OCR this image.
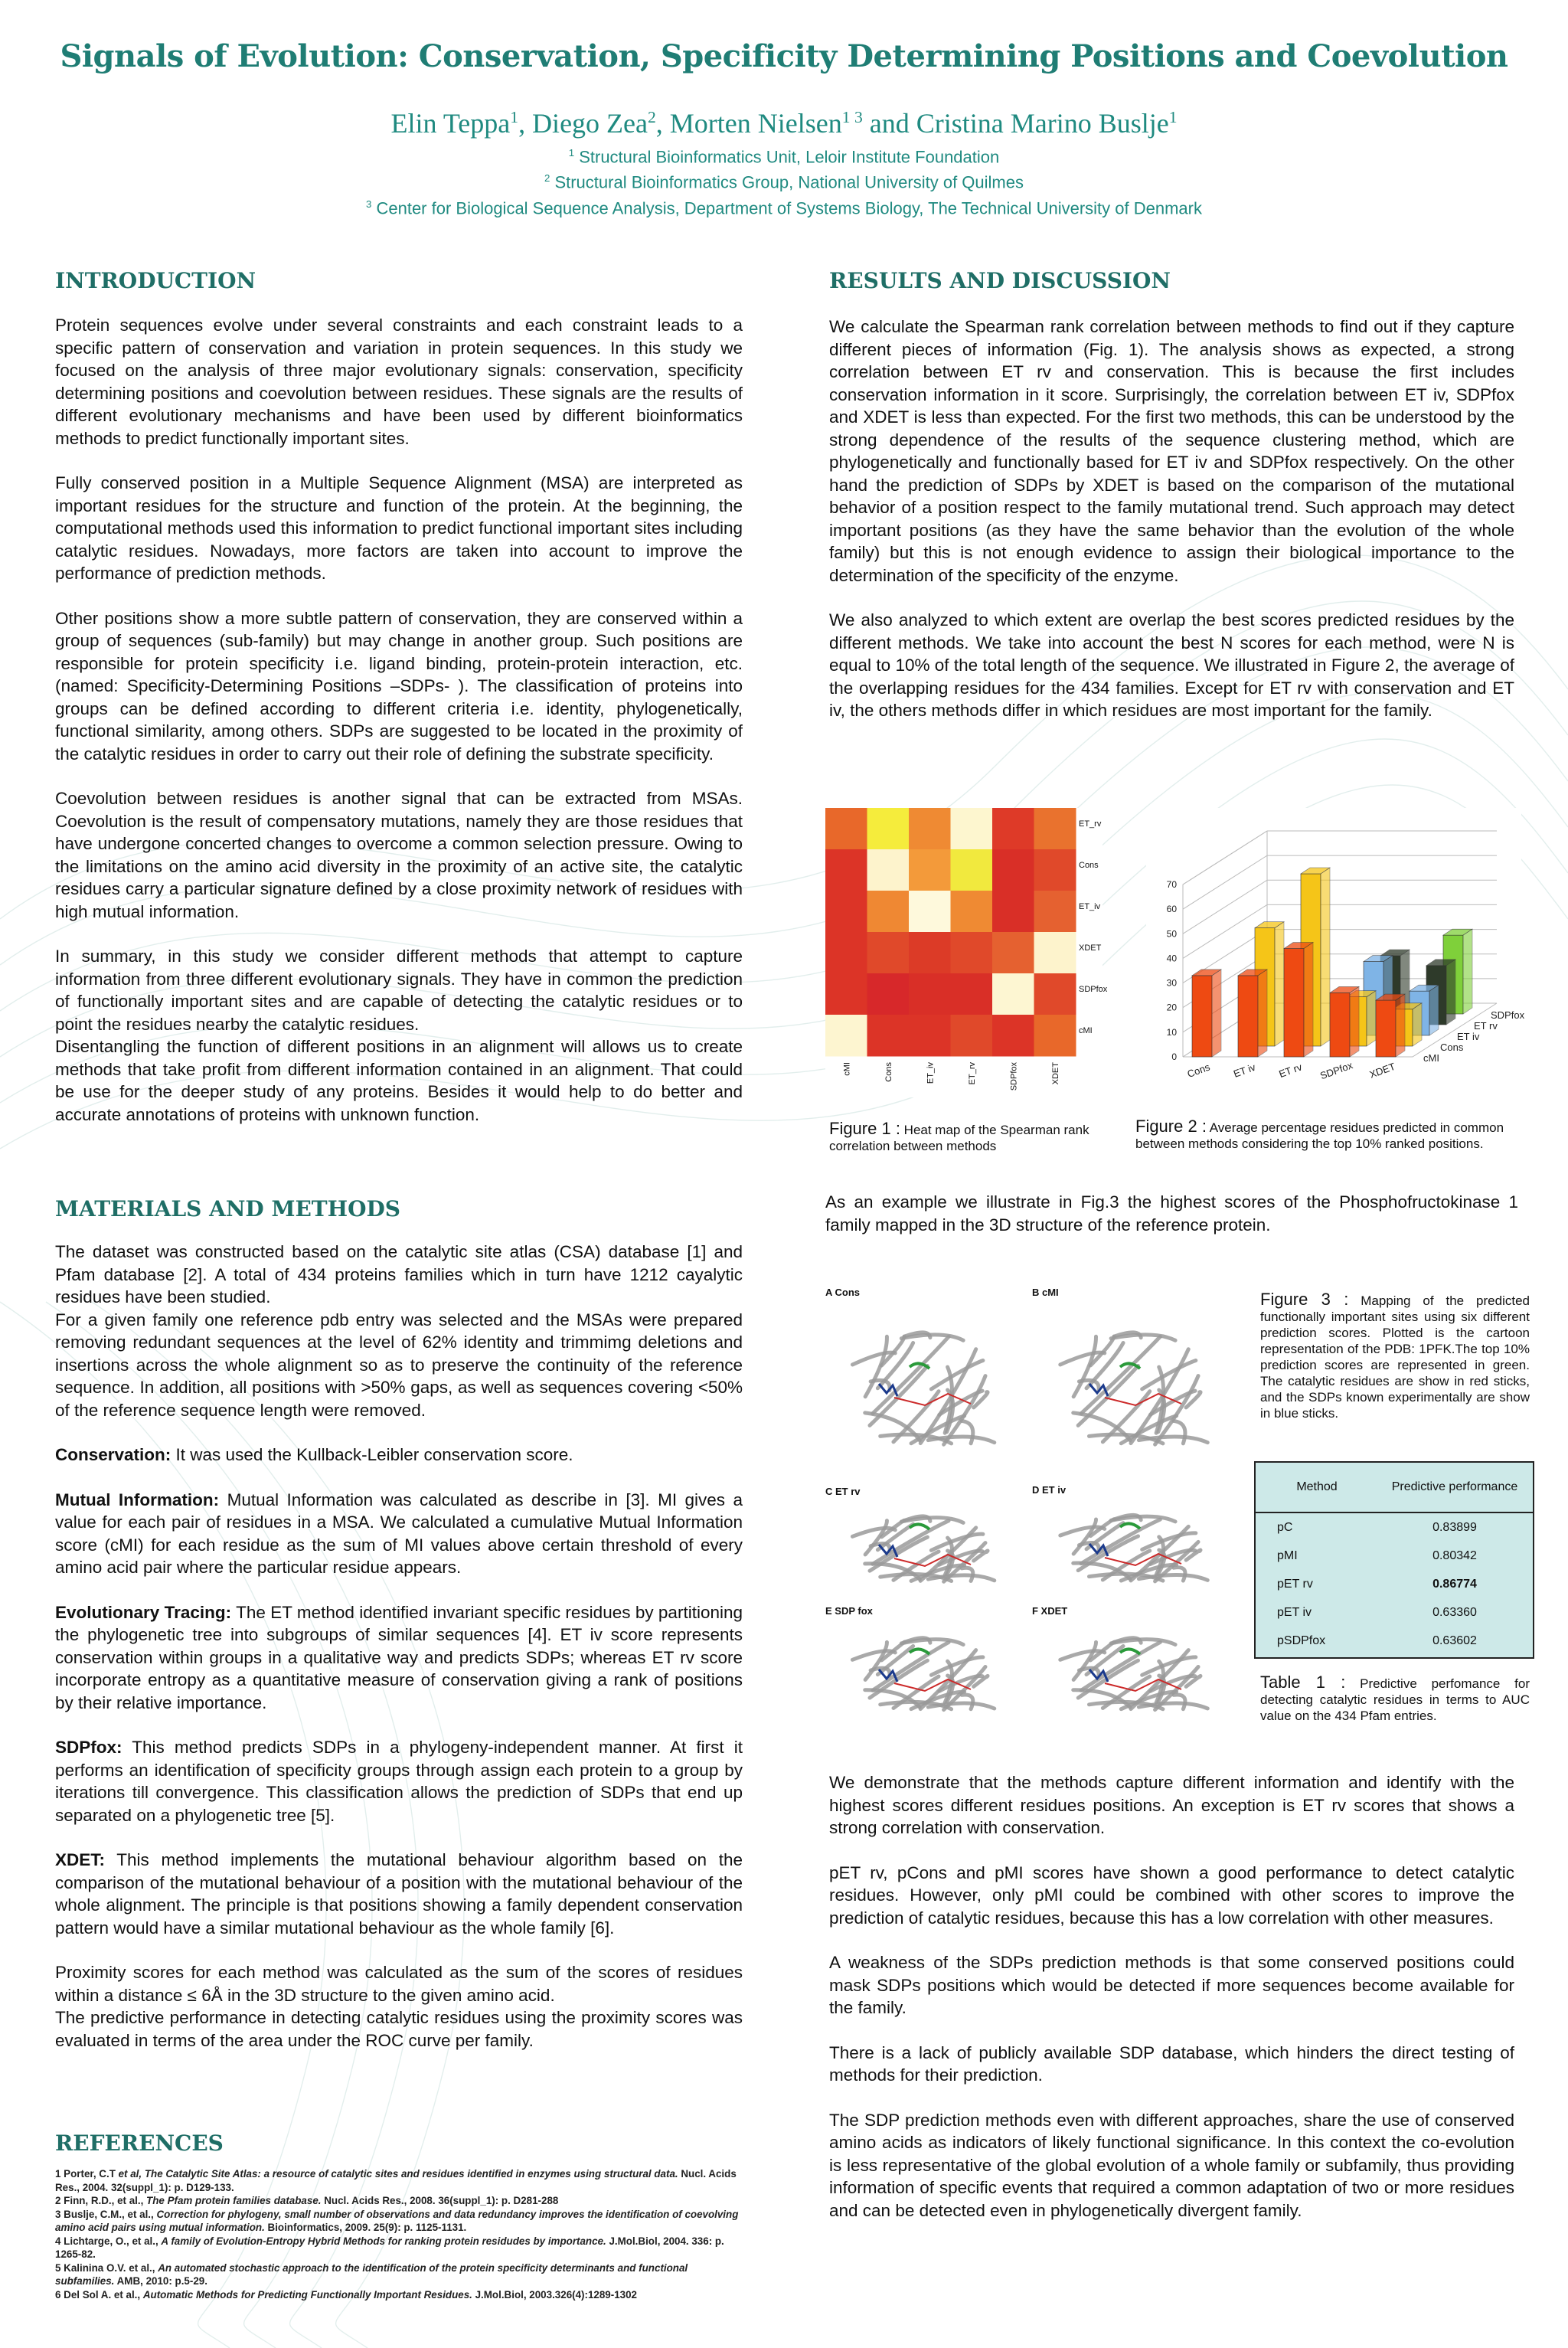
Signals of Evolution: Conservation, Specificity Determining Positions and Coevolution
Elin Teppa$^1$, Diego Zea$^2$, Morten Nielsen$^{1 3}$ and Cristina Marino Buslje$^1$
$^1$ Structural Bioinformatics Unit, Leloir Institute Foundation
$^2$ Structural Bioinformatics Group, National University of Quilmes
$^3$ Center for Biological Sequence Analysis, Department of Systems Biology, The Technical University of Denmark
INTRODUCTION

Protein sequences evolve under several constraints and each constraint leads to a specific pattern of conservation and variation in protein sequences. In this study we focused on the analysis of three major evolutionary signals: conservation, specificity determining positions and coevolution between residues. These signals are the results of different evolutionary mechanisms and have been used by different bioinformatics methods to predict functionally important sites.

Fully conserved position in a Multiple Sequence Alignment (MSA) are interpreted as important residues for the structure and function of the protein. At the beginning, the computational methods used this information to predict functional important sites including catalytic residues. Nowadays, more factors are taken into account to improve the performance of prediction methods.

Other positions show a more subtle pattern of conservation, they are conserved within a group of sequences (sub-family) but may change in another group. Such positions are responsible for protein specificity i.e. ligand binding, protein-protein interaction, etc. (named: Specificity-Determining Positions –SDPs- ). The classification of proteins into groups can be defined according to different criteria i.e. identity, phylogenetically, functional similarity, among others. SDPs are suggested to be located in the proximity of the catalytic residues in order to carry out their role of defining the substrate specificity.

Coevolution between residues is another signal that can be extracted from MSAs. Coevolution is the result of compensatory mutations, namely they are those residues that have undergone concerted changes to overcome a common selection pressure. Owing to the limitations on the amino acid diversity in the proximity of an active site, the catalytic residues carry a particular signature defined by a close proximity network of residues with high mutual information.

In summary, in this study we consider different methods that attempt to capture information from three different evolutionary signals. They have in common the prediction of functionally important sites and are capable of detecting the catalytic residues or to point the residues nearby the catalytic residues.

Disentangling the function of different positions in an alignment will allows us to create methods that take profit from different information contained in an alignment. That could be use for the deeper study of any proteins. Besides it would help to do better and accurate annotations of proteins with unknown function.

MATERIALS AND METHODS

The dataset was constructed based on the catalytic site atlas (CSA) database [1] and Pfam database [2]. A total of 434 proteins families which in turn have 1212 cayalytic residues have been studied.

For a given family one reference pdb entry was selected and the MSAs were prepared removing redundant sequences at the level of 62% identity and trimmimg deletions and insertions across the whole alignment so as to preserve the continuity of the reference sequence. In addition, all positions with >50% gaps, as well as sequences covering <50% of the reference sequence length were removed.

Conservation: It was used the Kullback-Leibler conservation score.

Mutual Information: Mutual Information was calculated as describe in [3]. MI gives a value for each pair of residues in a MSA. We calculated a cumulative Mutual Information score (cMI) for each residue as the sum of MI values above certain threshold of every amino acid pair where the particular residue appears.

Evolutionary Tracing: The ET method identified invariant specific residues by partitioning the phylogenetic tree into subgroups of similar sequences [4]. ET iv score represents conservation within groups in a qualitative way and predicts SDPs; whereas ET rv score incorporate entropy as a quantitative measure of conservation giving a rank of positions by their relative importance.

SDPfox: This method predicts SDPs in a phylogeny-independent manner. At first it performs an identification of specificity groups through assign each protein to a group by iterations till convergence. This classification allows the prediction of SDPs that end up separated on a phylogenetic tree [5].

XDET: This method implements the mutational behaviour algorithm based on the comparison of the mutational behaviour of a position with the mutational behaviour of the whole alignment. The principle is that positions showing a family dependent conservation pattern would have a similar mutational behaviour as the whole family [6].

Proximity scores for each method was calculated as the sum of the scores of residues within a distance ≤ 6Å in the 3D structure to the given amino acid.

The predictive performance in detecting catalytic residues using the proximity scores was evaluated in terms of the area under the ROC curve per family.

REFERENCES
1 Porter, C.T et al, The Catalytic Site Atlas: a resource of catalytic sites and residues identified in enzymes using structural data. Nucl. Acids Res., 2004. 32(suppl_1): p. D129-133.
2 Finn, R.D., et al., The Pfam protein families database. Nucl. Acids Res., 2008. 36(suppl_1): p. D281-288
3 Buslje, C.M., et al., Correction for phylogeny, small number of observations and data redundancy improves the identification of coevolving amino acid pairs using mutual information. Bioinformatics, 2009. 25(9): p. 1125-1131.
4 Lichtarge, O., et al., A family of Evolution-Entropy Hybrid Methods for ranking protein residudes by importance. J.Mol.Biol, 2004. 336: p. 1265-82.
5 Kalinina O.V. et al., An automated stochastic approach to the identification of the protein specificity determinants and functional subfamilies. AMB, 2010: p.5-29.
6 Del Sol A. et al., Automatic Methods for Predicting Functionally Important Residues. J.Mol.Biol, 2003.326(4):1289-1302
RESULTS AND DISCUSSION

We calculate the Spearman rank correlation between methods to find out if they capture different pieces of information (Fig. 1). The analysis shows as expected, a strong correlation between ET rv and conservation. This is because the first includes conservation information in it score. Surprisingly, the correlation between ET iv, SDPfox and XDET is less than expected. For the first two methods, this can be understood by the strong dependence of the results of the sequence clustering method, which are phylogenetically and functionally based for ET iv and SDPfox respectively. On the other hand the prediction of SDPs by XDET is based on the comparison of the mutational behavior of a position respect to the family mutational trend. Such approach may detect important positions (as they have the same behavior than the evolution of the whole family) but this is not enough evidence to assign their biological importance to the determination of the specificity of the enzyme.

We also analyzed to which extent are overlap the best scores predicted residues by the different methods. We take into account the best N scores for each method, were N is equal to 10% of the total length of the sequence. We illustrated in Figure 2, the average of the overlapping residues for the 434 families. Except for ET rv with conservation and ET iv, the others methods differ in which residues are most important for the family.

ET_rv
Cons
ET_iv
XDET
SDPfox
cMI
cMI	Cons	ET_iv	ET_rv	SDPfox	XDET
Figure 1 : Heat map of the Spearman rank correlation between methods
0
10
20
30
40
50
60
70
Cons ET iv ET rv SDPfox XDET
SDPfox
ET rv
ET iv
Cons
cMI
Figure 2 : Average percentage residues predicted in common between methods considering the top 10% ranked positions.

As an example we illustrate in Fig.3 the highest scores of the Phosphofructokinase 1 family mapped in the 3D structure of the reference protein.

A Cons	B cMI
C ET rv	D ET iv
E SDP fox	F XDET
Figure 3 : Mapping of the predicted functionally important sites using six different prediction scores. Plotted is the cartoon representation of the PDB: 1PFK.The top 10% prediction scores are represented in green. The catalytic residues are show in red sticks, and the SDPs known experimentally are show in blue sticks.
Method	Predictive performance
pC	0.83899
pMI	0.80342
pET rv	0.86774
pET iv	0.63360
pSDPfox	0.63602
Table 1 : Predictive perfomance for detecting catalytic residues in terms to AUC value on the 434 Pfam entries.

We demonstrate that the methods capture different information and identify with the highest scores different residues positions. An exception is ET rv scores that shows a strong correlation with conservation.

pET rv, pCons and pMI scores have shown a good performance to detect catalytic residues. However, only pMI could be combined with other scores to improve the prediction of catalytic residues, because this has a low correlation with other measures.

A weakness of the SDPs prediction methods is that some conserved positions could mask SDPs positions which would be detected if more sequences become available for the family.

There is a lack of publicly available SDP database, which hinders the direct testing of methods for their prediction.

The SDP prediction methods even with different approaches, share the use of conserved amino acids as indicators of likely functional significance. In this context the co-evolution is less representative of the global evolution of a whole family or subfamily, thus providing information of specific events that required a common adaptation of two or more residues and can be detected even in phylogenetically divergent family.
